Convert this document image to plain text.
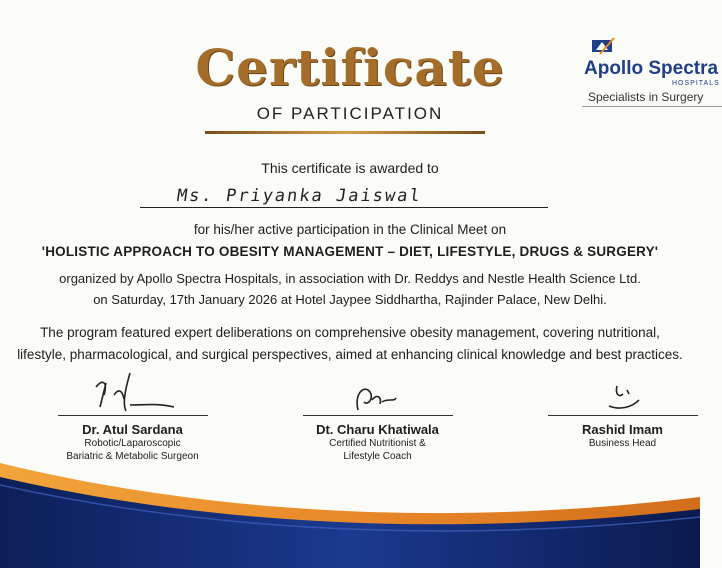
Certificate
OF PARTICIPATION
Apollo Spectra
HOSPITALS
Specialists in Surgery
This certificate is awarded to
Ms. Priyanka Jaiswal
for his/her active participation in the Clinical Meet on
'HOLISTIC APPROACH TO OBESITY MANAGEMENT – DIET, LIFESTYLE, DRUGS & SURGERY'
organized by Apollo Spectra Hospitals, in association with Dr. Reddys and Nestle Health Science Ltd.
on Saturday, 17th January 2026 at Hotel Jaypee Siddhartha, Rajinder Palace, New Delhi.
The program featured expert deliberations on comprehensive obesity management, covering nutritional,
lifestyle, pharmacological, and surgical perspectives, aimed at enhancing clinical knowledge and best practices.
Dr. Atul Sardana
Robotic/Laparoscopic
Bariatric & Metabolic Surgeon
Dt. Charu Khatiwala
Certified Nutritionist &
Lifestyle Coach
Rashid Imam
Business Head
